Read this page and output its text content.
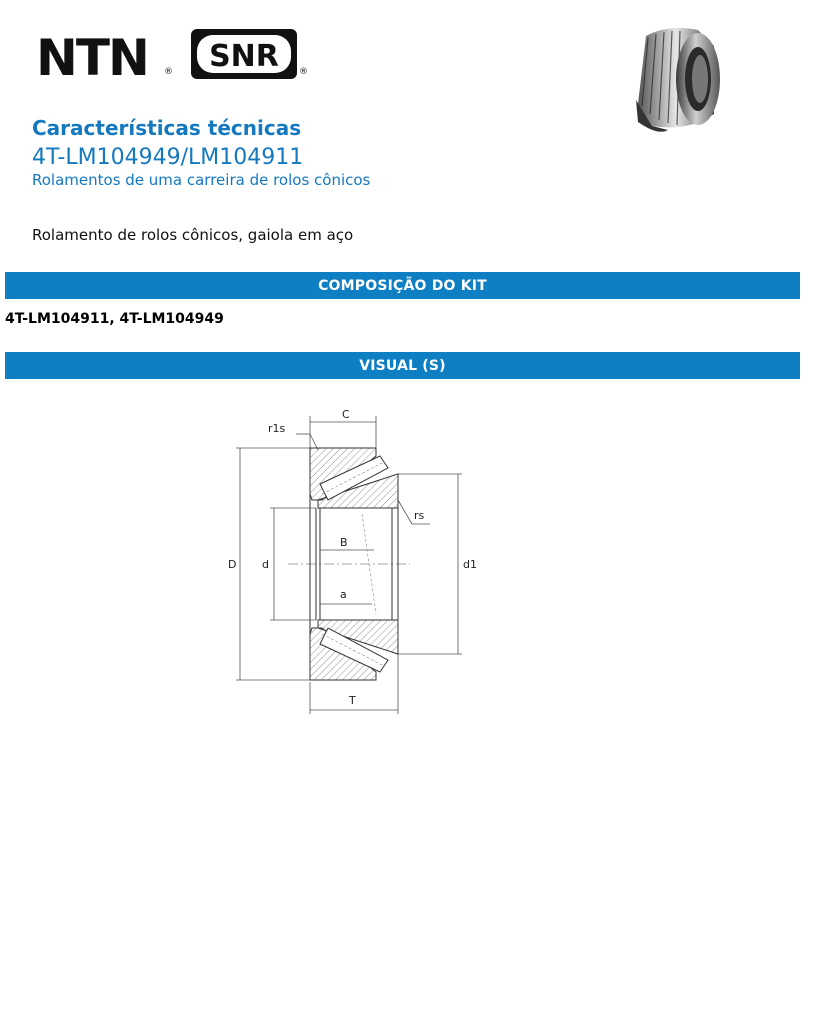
NTN ® SNR ®
Características técnicas
4T-LM104949/LM104911
Rolamentos de uma carreira de rolos cônicos
Rolamento de rolos cônicos, gaiola em aço
COMPOSIÇÃO DO KIT
4T-LM104911, 4T-LM104949
VISUAL (S)
C
r1s
rs
B
D d	d1
a
T
